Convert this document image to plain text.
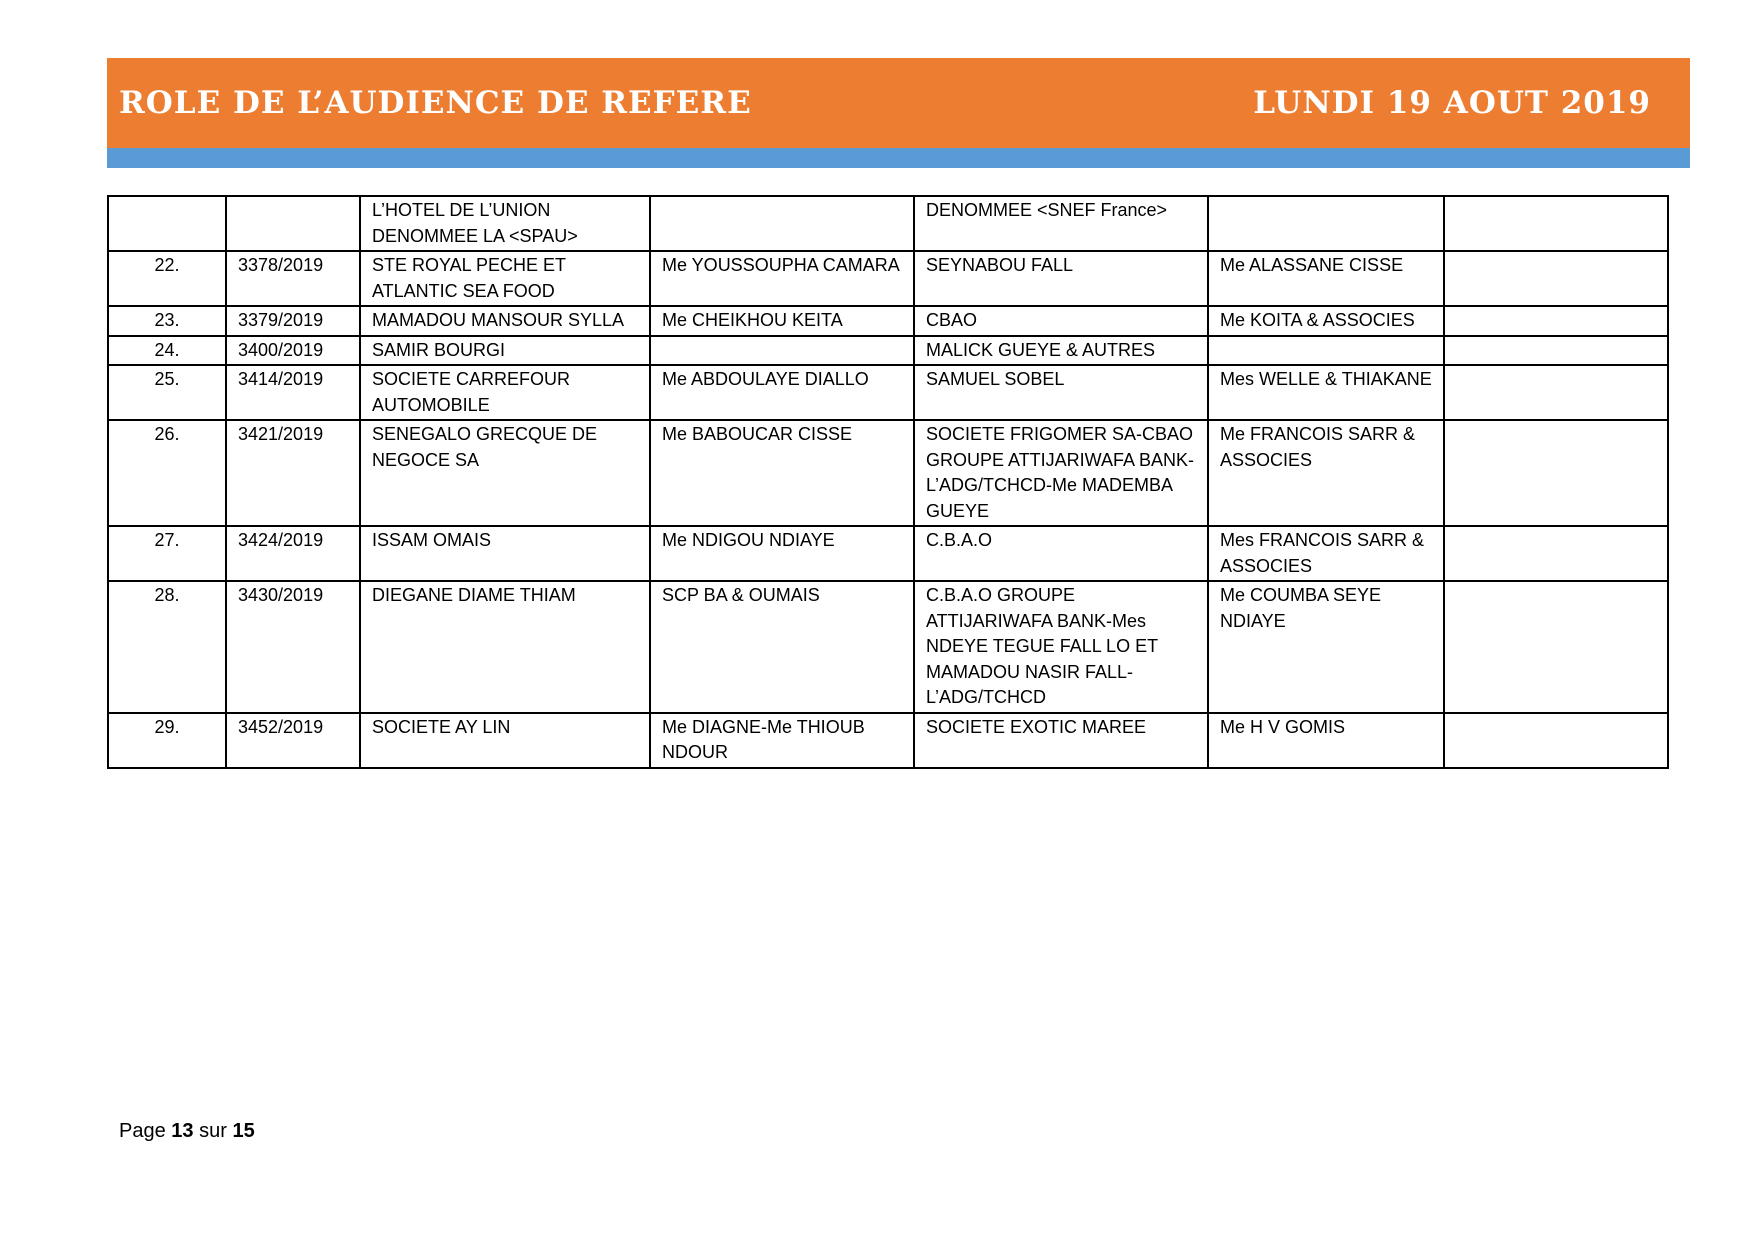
ROLE DE L’AUDIENCE DE REFERE	LUNDI 19 AOUT 2019
		L’HOTEL DE L’UNION DENOMMEE LA <SPAU>		DENOMMEE <SNEF France>		
22.	3378/2019	STE ROYAL PECHE ET ATLANTIC SEA FOOD	Me YOUSSOUPHA CAMARA	SEYNABOU FALL	Me ALASSANE CISSE	
23.	3379/2019	MAMADOU MANSOUR SYLLA	Me CHEIKHOU KEITA	CBAO	Me KOITA & ASSOCIES	
24.	3400/2019	SAMIR BOURGI		MALICK GUEYE & AUTRES		
25.	3414/2019	SOCIETE CARREFOUR AUTOMOBILE	Me ABDOULAYE DIALLO	SAMUEL SOBEL	Mes WELLE & THIAKANE	
26.	3421/2019	SENEGALO GRECQUE DE NEGOCE SA	Me BABOUCAR CISSE	SOCIETE FRIGOMER SA-CBAO GROUPE ATTIJARIWAFA BANK-L’ADG/TCHCD-Me MADEMBA GUEYE	Me FRANCOIS SARR & ASSOCIES	
27.	3424/2019	ISSAM OMAIS	Me NDIGOU NDIAYE	C.B.A.O	Mes FRANCOIS SARR & ASSOCIES	
28.	3430/2019	DIEGANE DIAME THIAM	SCP BA & OUMAIS	C.B.A.O GROUPE ATTIJARIWAFA BANK-Mes NDEYE TEGUE FALL LO ET MAMADOU NASIR FALL-L’ADG/TCHCD	Me COUMBA SEYE NDIAYE	
29.	3452/2019	SOCIETE AY LIN	Me DIAGNE-Me THIOUB NDOUR	SOCIETE EXOTIC MAREE	Me H V GOMIS	
Page 13 sur 15
